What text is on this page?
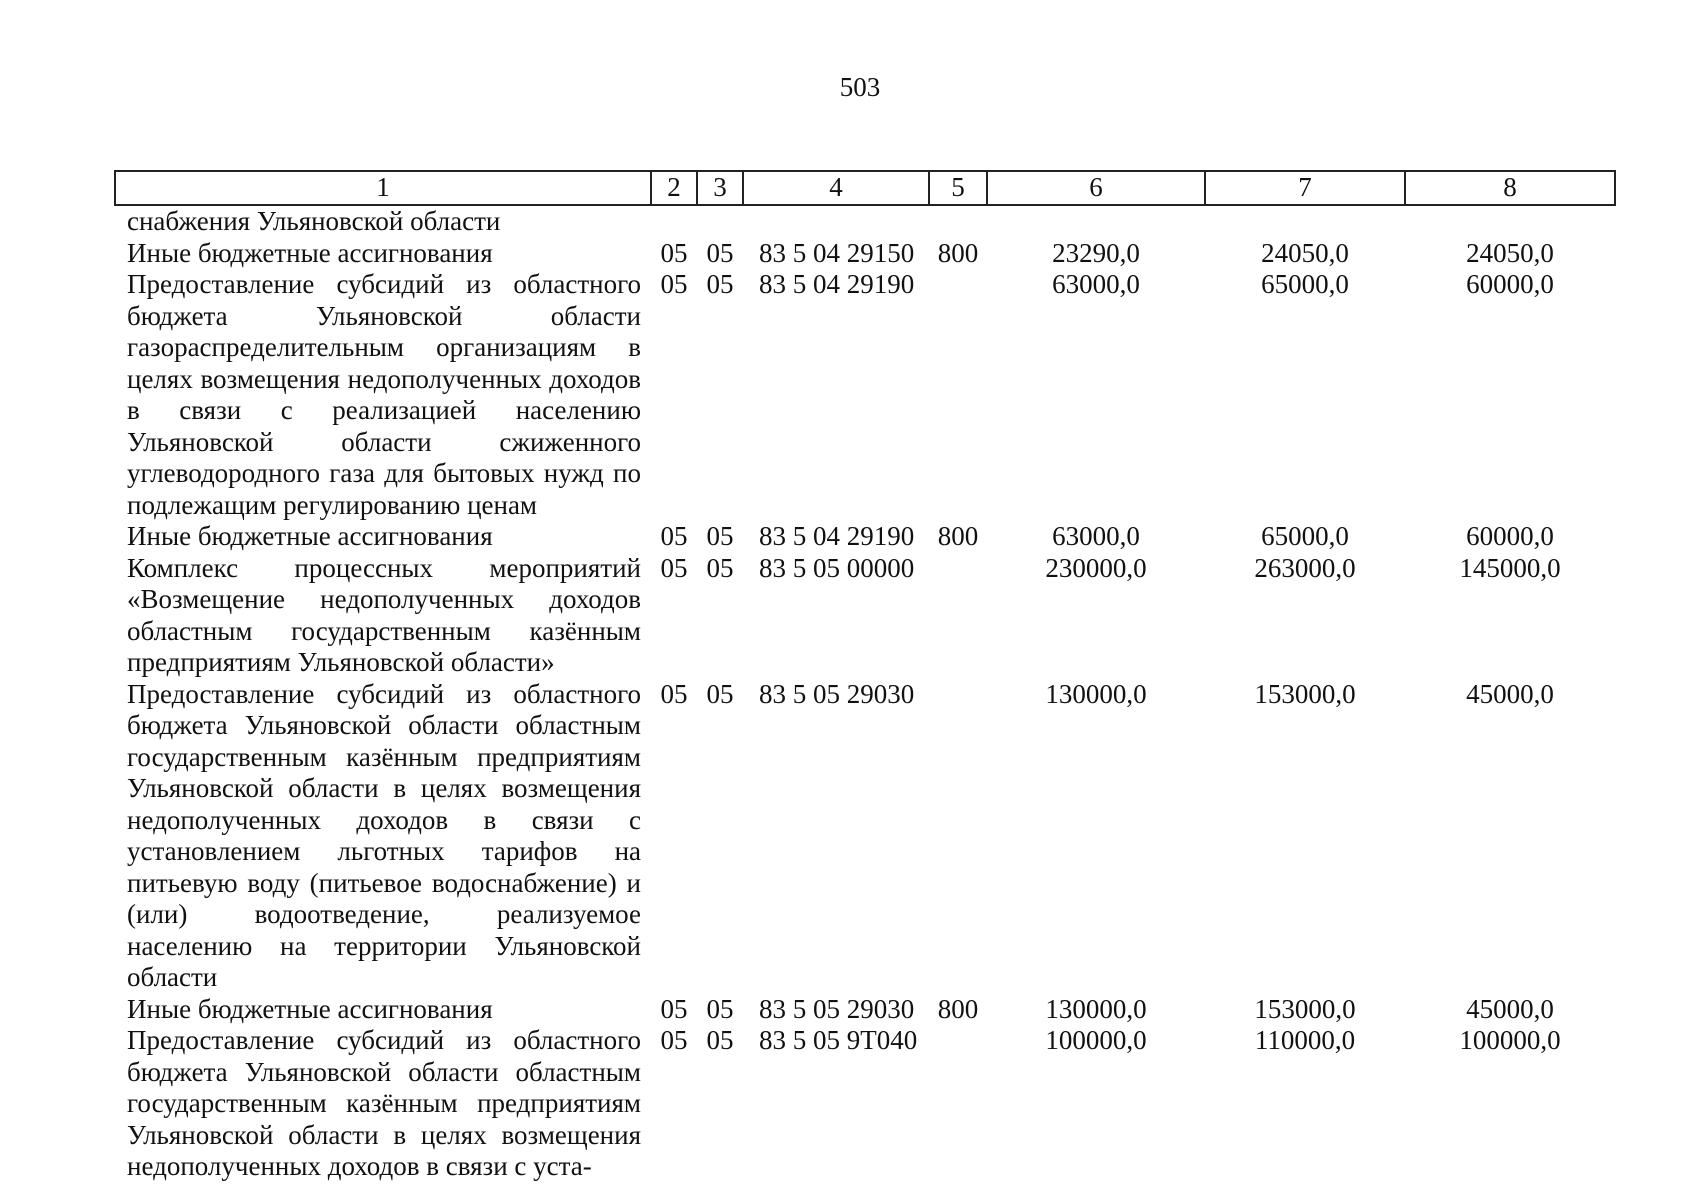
503
1	2	3	4	5	6	7	8
снабжения Ульяновской области							
Иные бюджетные ассигнования	05	05	83 5 04 29150	800	23290,0	24050,0	24050,0
Предоставление субсидий из областного бюджета Ульяновской области газораспределительным организациям в целях возмещения недополученных доходов в связи с реализацией населению Ульяновской области сжиженного углеводородного газа для бытовых нужд по подлежащим регулированию ценам	05	05	83 5 04 29190		63000,0	65000,0	60000,0
Иные бюджетные ассигнования	05	05	83 5 04 29190	800	63000,0	65000,0	60000,0
Комплекс процессных мероприятий «Возмещение недополученных доходов областным государственным казённым предприятиям Ульяновской области»	05	05	83 5 05 00000		230000,0	263000,0	145000,0
Предоставление субсидий из областного бюджета Ульяновской области областным государственным казённым предприятиям Ульяновской области в целях возмещения недополученных доходов в связи с установлением льготных тарифов на питьевую воду (питьевое водоснабжение) и (или) водоотведение, реализуемое населению на территории Ульяновской области	05	05	83 5 05 29030		130000,0	153000,0	45000,0
Иные бюджетные ассигнования	05	05	83 5 05 29030	800	130000,0	153000,0	45000,0
Предоставление субсидий из областного бюджета Ульяновской области областным государственным казённым предприятиям Ульяновской области в целях возмещения недополученных доходов в связи с уста-	05	05	83 5 05 9Т040		100000,0	110000,0	100000,0
